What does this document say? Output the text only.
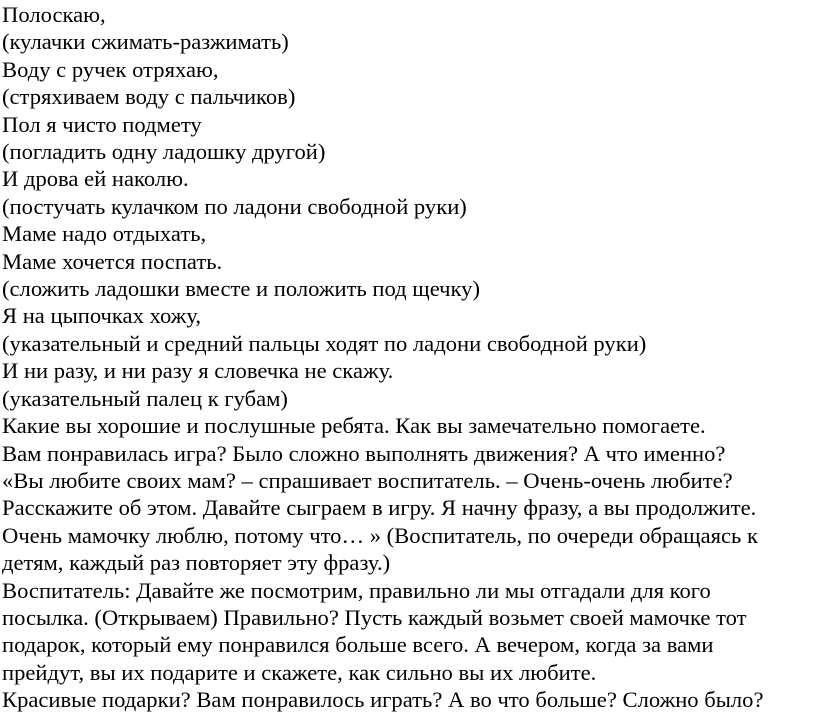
Полоскаю,
(кулачки сжимать-разжимать)
Воду с ручек отряхаю,
(стряхиваем воду с пальчиков)
Пол я чисто подмету
(погладить одну ладошку другой)
И дрова ей наколю.
(постучать кулачком по ладони свободной руки)
Маме надо отдыхать,
Маме хочется поспать.
(сложить ладошки вместе и положить под щечку)
Я на цыпочках хожу,
(указательный и средний пальцы ходят по ладони свободной руки)
И ни разу, и ни разу я словечка не скажу.
(указательный палец к губам)
Какие вы хорошие и послушные ребята. Как вы замечательно помогаете.
Вам понравилась игра? Было сложно выполнять движения? А что именно?
«Вы любите своих мам? – спрашивает воспитатель. – Очень-очень любите?
Расскажите об этом. Давайте сыграем в игру. Я начну фразу, а вы продолжите.
Очень мамочку люблю, потому что… » (Воспитатель, по очереди обращаясь к
детям, каждый раз повторяет эту фразу.)
Воспитатель: Давайте же посмотрим, правильно ли мы отгадали для кого
посылка. (Открываем) Правильно? Пусть каждый возьмет своей мамочке тот
подарок, который ему понравился больше всего. А вечером, когда за вами
прейдут, вы их подарите и скажете, как сильно вы их любите.
Красивые подарки? Вам понравилось играть? А во что больше? Сложно было?
